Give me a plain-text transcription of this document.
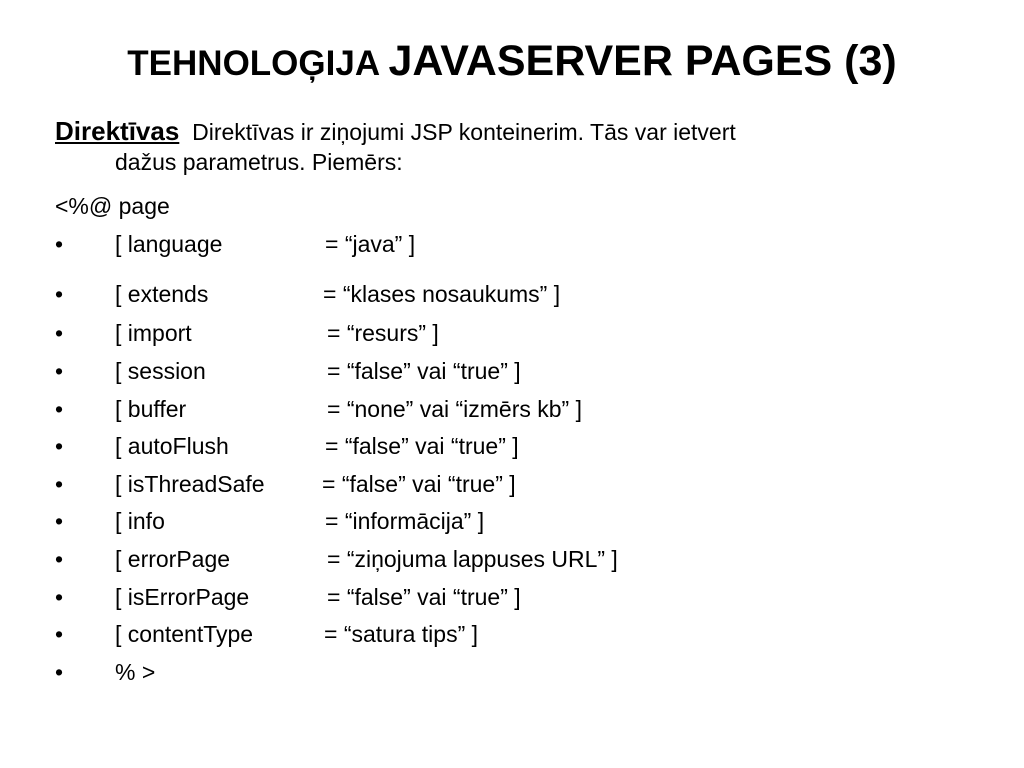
TEHNOLOĢIJA JAVASERVER PAGES (3)
Direktīvas Direktīvas ir ziņojumi JSP konteinerim. Tās var ietvert
dažus parametrus. Piemērs:
<%@ page
• [ language	= “java” ]
• [ extends	= “klases nosaukums” ]
• [ import	= “resurs” ]
• [ session	= “false” vai “true” ]
• [ buffer	= “none” vai “izmērs kb” ]
• [ autoFlush	= “false” vai “true” ]
• [ isThreadSafe = “false” vai “true” ]
• [ info	= “informācija” ]
• [ errorPage	= “ziņojuma lappuses URL” ]
• [ isErrorPage	= “false” vai “true” ]
• [ contentType	= “satura tips” ]
• % >
